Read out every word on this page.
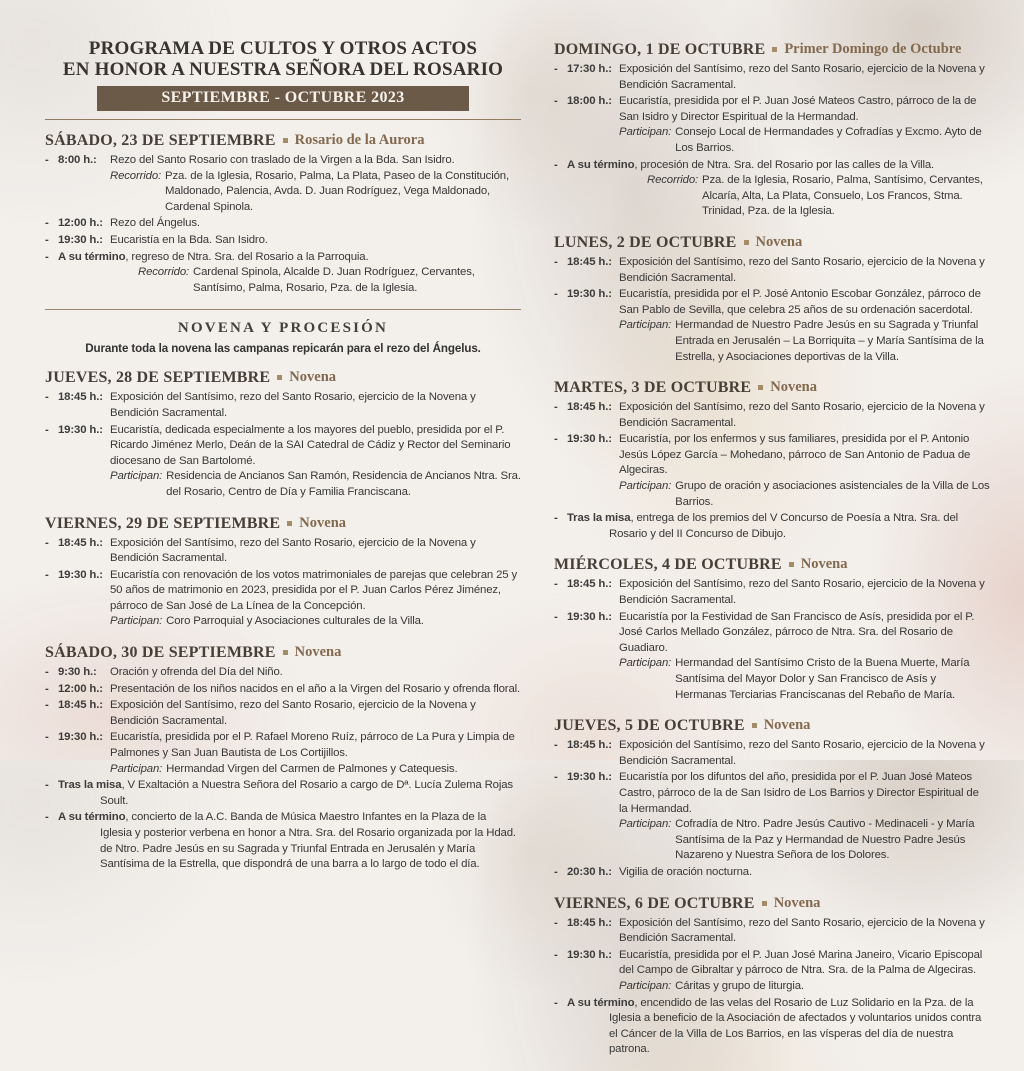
PROGRAMA DE CULTOS Y OTROS ACTOS
EN HONOR A NUESTRA SEÑORA DEL ROSARIO
SEPTIEMBRE - OCTUBRE 2023
SÁBADO, 23 DE SEPTIEMBRE Rosario de la Aurora
-
8:00 h.:	Rezo del Santo Rosario con traslado de la Virgen a la Bda. San Isidro.

Recorrido: Pza. de la Iglesia, Rosario, Palma, La Plata, Paseo de la Constitución, Maldonado, Palencia, Avda. D. Juan Rodríguez, Vega Maldonado, Cardenal Spinola.
-
12:00 h.: Rezo del Ángelus.

-
19:30 h.: Eucaristía en la Bda. San Isidro.

-

A su término, regreso de Ntra. Sra. del Rosario a la Parroquia.

Recorrido: Cardenal Spinola, Alcalde D. Juan Rodríguez, Cervantes, Santísimo, Palma, Rosario, Pza. de la Iglesia.
NOVENA Y PROCESIÓN

Durante toda la novena las campanas repicarán para el rezo del Ángelus.

JUEVES, 28 DE SEPTIEMBRE Novena
-
18:45 h.: Exposición del Santísimo, rezo del Santo Rosario, ejercicio de la Novena y Bendición Sacramental.

-
19:30 h.: Eucaristía, dedicada especialmente a los mayores del pueblo, presidida por el P. Ricardo Jiménez Merlo, Deán de la SAI Catedral de Cádiz y Rector del Seminario diocesano de San Bartolomé.

Participan: Residencia de Ancianos San Ramón, Residencia de Ancianos Ntra. Sra. del Rosario, Centro de Día y Familia Franciscana.
VIERNES, 29 DE SEPTIEMBRE Novena
-
18:45 h.: Exposición del Santísimo, rezo del Santo Rosario, ejercicio de la Novena y Bendición Sacramental.

-
19:30 h.: Eucaristía con renovación de los votos matrimoniales de parejas que celebran 25 y 50 años de matrimonio en 2023, presidida por el P. Juan Carlos Pérez Jiménez, párroco de San José de La Línea de la Concepción.

Participan: Coro Parroquial y Asociaciones culturales de la Villa.
SÁBADO, 30 DE SEPTIEMBRE Novena
-
9:30 h.:	Oración y ofrenda del Día del Niño.

-
12:00 h.: Presentación de los niños nacidos en el año a la Virgen del Rosario y ofrenda floral.

-
18:45 h.: Exposición del Santísimo, rezo del Santo Rosario, ejercicio de la Novena y Bendición Sacramental.

-
19:30 h.: Eucaristía, presidida por el P. Rafael Moreno Ruíz, párroco de La Pura y Limpia de Palmones y San Juan Bautista de Los Cortijillos.

Participan: Hermandad Virgen del Carmen de Palmones y Catequesis.
-

Tras la misa, V Exaltación a Nuestra Señora del Rosario a cargo de Dª. Lucía Zulema Rojas Soult.

-

A su término, concierto de la A.C. Banda de Música Maestro Infantes en la Plaza de la Iglesia y posterior verbena en honor a Ntra. Sra. del Rosario organizada por la Hdad. de Ntro. Padre Jesús en su Sagrada y Triunfal Entrada en Jerusalén y María Santísima de la Estrella, que dispondrá de una barra a lo largo de todo el día.

DOMINGO, 1 DE OCTUBRE Primer Domingo de Octubre
-
17:30 h.: Exposición del Santísimo, rezo del Santo Rosario, ejercicio de la Novena y Bendición Sacramental.

-
18:00 h.: Eucaristía, presidida por el P. Juan José Mateos Castro, párroco de la de San Isidro y Director Espiritual de la Hermandad.

Participan: Consejo Local de Hermandades y Cofradías y Excmo. Ayto de Los Barrios.
-

A su término, procesión de Ntra. Sra. del Rosario por las calles de la Villa.

Recorrido: Pza. de la Iglesia, Rosario, Palma, Santísimo, Cervantes, Alcaría, Alta, La Plata, Consuelo, Los Francos, Stma. Trinidad, Pza. de la Iglesia.
LUNES, 2 DE OCTUBRE Novena
-
18:45 h.: Exposición del Santísimo, rezo del Santo Rosario, ejercicio de la Novena y Bendición Sacramental.

-
19:30 h.: Eucaristía, presidida por el P. José Antonio Escobar González, párroco de San Pablo de Sevilla, que celebra 25 años de su ordenación sacerdotal.

Participan: Hermandad de Nuestro Padre Jesús en su Sagrada y Triunfal Entrada en Jerusalén – La Borriquita – y María Santísima de la Estrella, y Asociaciones deportivas de la Villa.
MARTES, 3 DE OCTUBRE Novena
-
18:45 h.: Exposición del Santísimo, rezo del Santo Rosario, ejercicio de la Novena y Bendición Sacramental.

-
19:30 h.: Eucaristía, por los enfermos y sus familiares, presidida por el P. Antonio Jesús López García – Mohedano, párroco de San Antonio de Padua de Algeciras.

Participan: Grupo de oración y asociaciones asistenciales de la Villa de Los Barrios.
-

Tras la misa, entrega de los premios del V Concurso de Poesía a Ntra. Sra. del Rosario y del II Concurso de Dibujo.

MIÉRCOLES, 4 DE OCTUBRE Novena
-
18:45 h.: Exposición del Santísimo, rezo del Santo Rosario, ejercicio de la Novena y Bendición Sacramental.

-
19:30 h.: Eucaristía por la Festividad de San Francisco de Asís, presidida por el P. José Carlos Mellado González, párroco de Ntra. Sra. del Rosario de Guadiaro.

Participan: Hermandad del Santísimo Cristo de la Buena Muerte, María Santísima del Mayor Dolor y San Francisco de Asís y Hermanas Terciarias Franciscanas del Rebaño de María.
JUEVES, 5 DE OCTUBRE Novena
-
18:45 h.: Exposición del Santísimo, rezo del Santo Rosario, ejercicio de la Novena y Bendición Sacramental.

-
19:30 h.: Eucaristía por los difuntos del año, presidida por el P. Juan José Mateos Castro, párroco de la de San Isidro de Los Barrios y Director Espiritual de la Hermandad.

Participan: Cofradía de Ntro. Padre Jesús Cautivo - Medinaceli - y María Santísima de la Paz y Hermandad de Nuestro Padre Jesús Nazareno y Nuestra Señora de los Dolores.
-
20:30 h.: Vigilia de oración nocturna.

VIERNES, 6 DE OCTUBRE Novena
-
18:45 h.: Exposición del Santísimo, rezo del Santo Rosario, ejercicio de la Novena y Bendición Sacramental.

-
19:30 h.: Eucaristía, presidida por el P. Juan José Marina Janeiro, Vicario Episcopal del Campo de Gibraltar y párroco de Ntra. Sra. de la Palma de Algeciras.

Participan: Cáritas y grupo de liturgia.
-

A su término, encendido de las velas del Rosario de Luz Solidario en la Pza. de la Iglesia a beneficio de la Asociación de afectados y voluntarios unidos contra el Cáncer de la Villa de Los Barrios, en las vísperas del día de nuestra patrona.
